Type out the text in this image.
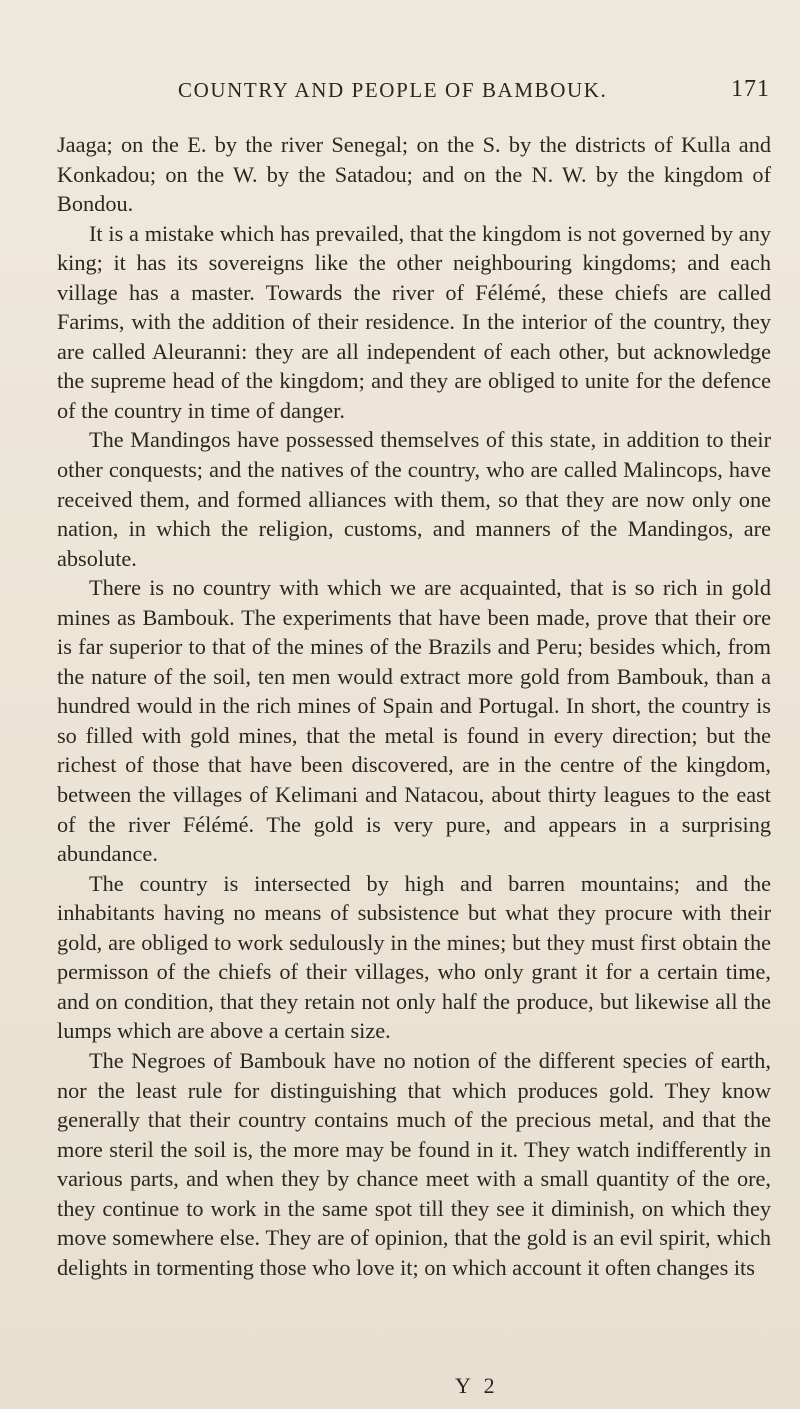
COUNTRY AND PEOPLE OF BAMBOUK.	171

Jaaga; on the E. by the river Senegal; on the S. by the districts of Kulla and Konkadou; on the W. by the Satadou; and on the N. W. by the kingdom of Bondou.

It is a mistake which has prevailed, that the kingdom is not governed by any king; it has its sovereigns like the other neighbouring kingdoms; and each village has a master. Towards the river of Félémé, these chiefs are called Farims, with the addition of their residence. In the interior of the country, they are called Aleuranni: they are all independent of each other, but acknowledge the supreme head of the kingdom; and they are obliged to unite for the defence of the country in time of danger.

The Mandingos have possessed themselves of this state, in addition to their other conquests; and the natives of the country, who are called Malincops, have received them, and formed alliances with them, so that they are now only one nation, in which the religion, customs, and manners of the Mandingos, are absolute.

There is no country with which we are acquainted, that is so rich in gold mines as Bambouk. The experiments that have been made, prove that their ore is far superior to that of the mines of the Brazils and Peru; besides which, from the nature of the soil, ten men would extract more gold from Bambouk, than a hundred would in the rich mines of Spain and Portugal. In short, the country is so filled with gold mines, that the metal is found in every direction; but the richest of those that have been discovered, are in the centre of the kingdom, between the villages of Kelimani and Natacou, about thirty leagues to the east of the river Félémé. The gold is very pure, and appears in a surprising abundance.

The country is intersected by high and barren mountains; and the inhabitants having no means of subsistence but what they procure with their gold, are obliged to work sedulously in the mines; but they must first obtain the permisson of the chiefs of their villages, who only grant it for a certain time, and on condition, that they retain not only half the produce, but likewise all the lumps which are above a certain size.

The Negroes of Bambouk have no notion of the different species of earth, nor the least rule for distinguishing that which produces gold. They know generally that their country contains much of the precious metal, and that the more steril the soil is, the more may be found in it. They watch indifferently in various parts, and when they by chance meet with a small quantity of the ore, they continue to work in the same spot till they see it diminish, on which they move somewhere else. They are of opinion, that the gold is an evil spirit, which delights in tormenting those who love it; on which account it often changes its

Y 2
